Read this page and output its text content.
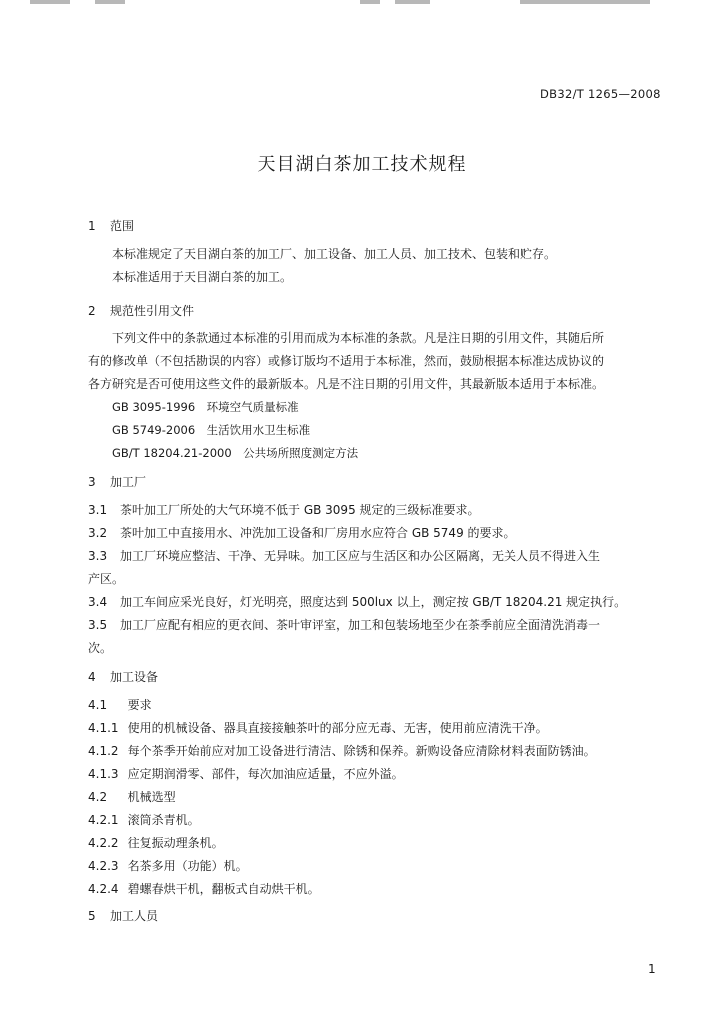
DB32/T 1265—2008
天目湖白茶加工技术规程
1 范围
本标准规定了天目湖白茶的加工厂、加工设备、加工人员、加工技术、包装和贮存。
本标准适用于天目湖白茶的加工。
2 规范性引用文件
下列文件中的条款通过本标准的引用而成为本标准的条款。凡是注日期的引用文件，其随后所
有的修改单（不包括勘误的内容）或修订版均不适用于本标准，然而，鼓励根据本标准达成协议的
各方研究是否可使用这些文件的最新版本。凡是不注日期的引用文件，其最新版本适用于本标准。
GB 3095-1996　环境空气质量标准
GB 5749-2006　生活饮用水卫生标准
GB/T 18204.21-2000　公共场所照度测定方法
3 加工厂
3.1 茶叶加工厂所处的大气环境不低于 GB 3095 规定的三级标准要求。
3.2 茶叶加工中直接用水、冲洗加工设备和厂房用水应符合 GB 5749 的要求。
3.3 加工厂环境应整洁、干净、无异味。加工区应与生活区和办公区隔离，无关人员不得进入生
产区。
3.4 加工车间应采光良好，灯光明亮，照度达到 500lux 以上，测定按 GB/T 18204.21 规定执行。
3.5 加工厂应配有相应的更衣间、茶叶审评室，加工和包装场地至少在茶季前应全面清洗消毒一
次。
4 加工设备
4.1 要求
4.1.1 使用的机械设备、器具直接接触茶叶的部分应无毒、无害，使用前应清洗干净。
4.1.2 每个茶季开始前应对加工设备进行清洁、除锈和保养。新购设备应清除材料表面防锈油。
4.1.3 应定期润滑零、部件，每次加油应适量，不应外溢。
4.2 机械选型
4.2.1 滚筒杀青机。
4.2.2 往复振动理条机。
4.2.3 名茶多用（功能）机。
4.2.4 碧螺春烘干机，翻板式自动烘干机。
5 加工人员
1
